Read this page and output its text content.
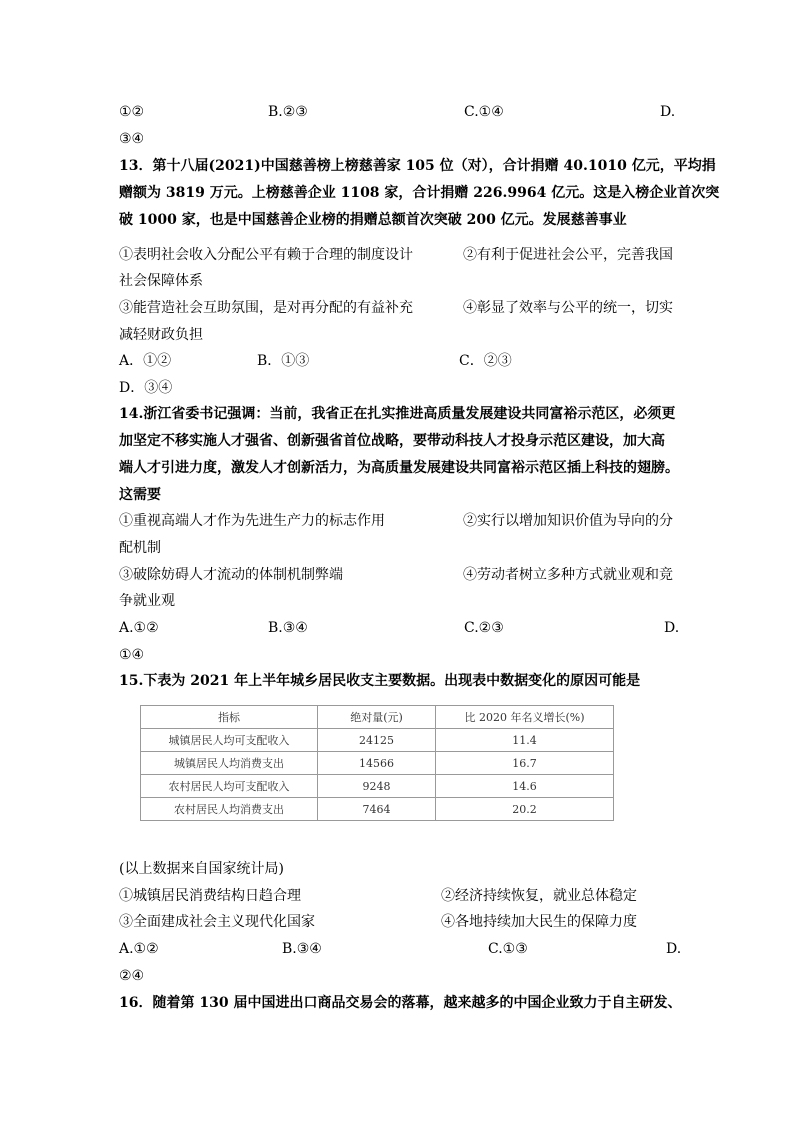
①②	B.②③	C.①④	D.
③④
13．第十八届(2021)中国慈善榜上榜慈善家 105 位（对），合计捐赠 40.1010 亿元，平均捐
赠额为 3819 万元。上榜慈善企业 1108 家，合计捐赠 226.9964 亿元。这是入榜企业首次突
破 1000 家，也是中国慈善企业榜的捐赠总额首次突破 200 亿元。发展慈善事业
①表明社会收入分配公平有赖于合理的制度设计	②有利于促进社会公平，完善我国
社会保障体系
③能营造社会互助氛围，是对再分配的有益补充	④彰显了效率与公平的统一，切实
减轻财政负担
A．①②	B．①③	C．②③
D．③④
14.浙江省委书记强调：当前，我省正在扎实推进高质量发展建设共同富裕示范区，必须更
加坚定不移实施人才强省、创新强省首位战略，要带动科技人才投身示范区建设，加大高
端人才引进力度，激发人才创新活力，为高质量发展建设共同富裕示范区插上科技的翅膀。
这需要
①重视高端人才作为先进生产力的标志作用	②实行以增加知识价值为导向的分
配机制
③破除妨碍人才流动的体制机制弊端	④劳动者树立多种方式就业观和竞
争就业观
A.①②	B.③④	C.②③	D.
①④
15.下表为 2021 年上半年城乡居民收支主要数据。出现表中数据变化的原因可能是
指标	绝对量(元)	比 2020 年名义增长(%)
城镇居民人均可支配收入	24125	11.4
城镇居民人均消费支出	14566	16.7
农村居民人均可支配收入	9248	14.6
农村居民人均消费支出	7464	20.2
(以上数据来自国家统计局)
①城镇居民消费结构日趋合理	②经济持续恢复，就业总体稳定
③全面建成社会主义现代化国家	④各地持续加大民生的保障力度
A.①②	B.③④	C.①③	D.
②④
16．随着第 130 届中国进出口商品交易会的落幕，越来越多的中国企业致力于自主研发、
